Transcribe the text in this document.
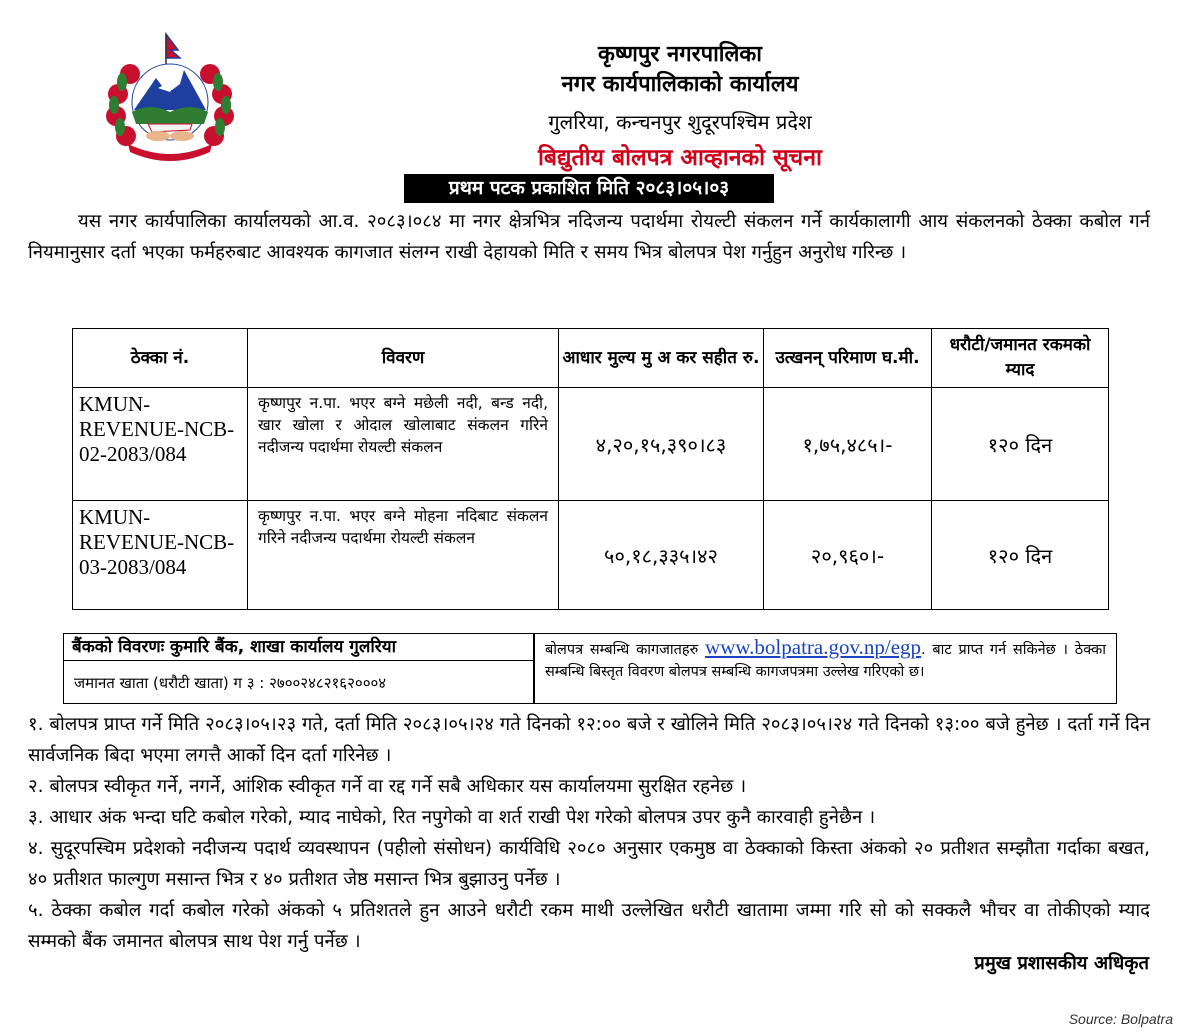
कृष्णपुर नगरपालिका
नगर कार्यपालिकाको कार्यालय
गुलरिया, कन्चनपुर शुदूरपश्चिम प्रदेश
बिद्युतीय बोलपत्र आव्हानको सूचना
प्रथम पटक प्रकाशित मिति २०८३।०५।०३
यस नगर कार्यपालिका कार्यालयको आ.व. २०८३।०८४ मा नगर क्षेत्रभित्र नदिजन्य पदार्थमा रोयल्टी संकलन गर्ने कार्यकालागी आय संकलनको ठेक्का कबोल गर्न नियमानुसार दर्ता भएका फर्महरुबाट आवश्यक कागजात संलग्न राखी देहायको मिति र समय भित्र बोलपत्र पेश गर्नुहुन अनुरोध गरिन्छ ।
ठेक्का नं.	विवरण	आधार मुल्य मु अ कर सहीत रु.	उत्खनन् परिमाण घ.मी.	धरौटी/जमानत रकमको म्याद
KMUN-REVENUE-NCB-02-2083/084	कृष्णपुर न.पा. भएर बग्ने मछेली नदी, बन्ड नदी, खार खोला र ओदाल खोलाबाट संकलन गरिने नदीजन्य पदार्थमा रोयल्टी संकलन	४,२०,१५,३९०।८३	१,७५,४८५।-	१२० दिन
KMUN-REVENUE-NCB-03-2083/084	कृष्णपुर न.पा. भएर बग्ने मोहना नदिबाट संकलन गरिने नदीजन्य पदार्थमा रोयल्टी संकलन	५०,१८,३३५।४२	२०,९६०।-	१२० दिन
बैंकको विवरणः कुमारि बैंक, शाखा कार्यालय गुलरिया
जमानत खाता (धरौटी खाता) ग ३ : २७००२४८२१६२०००४
बोलपत्र सम्बन्धि कागजातहरु www.bolpatra.gov.np/egp. बाट प्राप्त गर्न सकिनेछ । ठेक्का सम्बन्धि बिस्तृत विवरण बोलपत्र सम्बन्धि कागजपत्रमा उल्लेख गरिएको छ।

१. बोलपत्र प्राप्त गर्ने मिति २०८३।०५।२३ गते, दर्ता मिति २०८३।०५।२४ गते दिनको १२:०० बजे र खोलिने मिति २०८३।०५।२४ गते दिनको १३:०० बजे हुनेछ । दर्ता गर्ने दिन सार्वजनिक बिदा भएमा लगत्तै आर्को दिन दर्ता गरिनेछ ।

२. बोलपत्र स्वीकृत गर्ने, नगर्ने, आंशिक स्वीकृत गर्ने वा रद्द गर्ने सबै अधिकार यस कार्यालयमा सुरक्षित रहनेछ ।

३. आधार अंक भन्दा घटि कबोल गरेको, म्याद नाघेको, रित नपुगेको वा शर्त राखी पेश गरेको बोलपत्र उपर कुनै कारवाही हुनेछैन ।

४. सुदूरपस्चिम प्रदेशको नदीजन्य पदार्थ व्यवस्थापन (पहीलो संसोधन) कार्यविधि २०८० अनुसार एकमुष्ठ वा ठेक्काको किस्ता अंकको २० प्रतीशत सम्झौता गर्दाका बखत, ४० प्रतीशत फाल्गुण मसान्त भित्र र ४० प्रतीशत जेष्ठ मसान्त भित्र बुझाउनु पर्नेछ ।

५. ठेक्का कबोल गर्दा कबोल गरेको अंकको ५ प्रतिशतले हुन आउने धरौटी रकम माथी उल्लेखित धरौटी खातामा जम्मा गरि सो को सक्कलै भौचर वा तोकीएको म्याद सम्मको बैंक जमानत बोलपत्र साथ पेश गर्नु पर्नेछ ।

प्रमुख प्रशासकीय अधिकृत
Source: Bolpatra
